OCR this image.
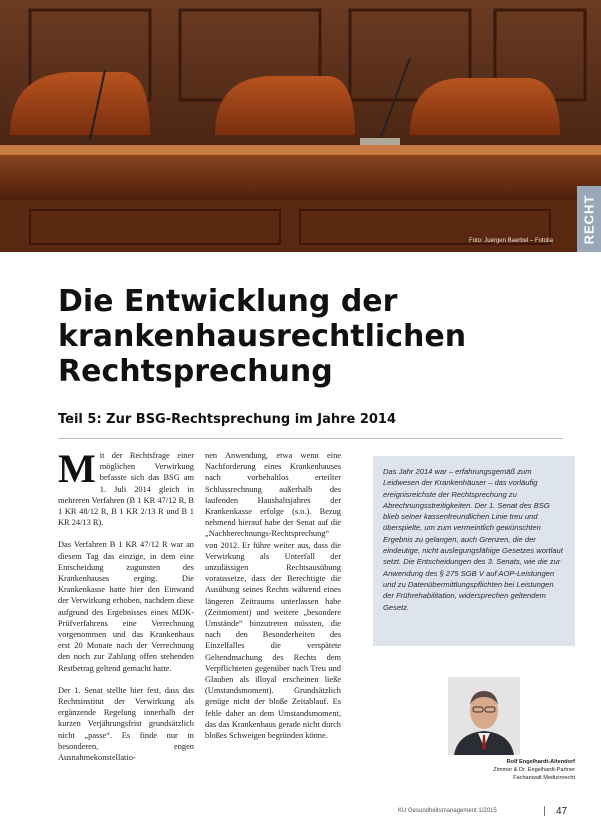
Foto: Juergen Baerbel – Fotolia RECHT
Die Entwicklung der
krankenhausrechtlichen
Rechtsprechung
Teil 5: Zur BSG-Rechtsprechung im Jahre 2014

Mit der Rechtsfrage einer möglichen Verwirkung befasste sich das BSG am 1. Juli 2014 gleich in mehreren Verfahren (B 1 KR 47/12 R, B 1 KR 48/12 R, B 1 KR 2/13 R und B 1 KR 24/13 R).

Das Verfahren B 1 KR 47/12 R war an diesem Tag das einzige, in dem eine Entscheidung zugunsten des Krankenhauses erging. Die Krankenkasse hatte hier den Einwand der Verwirkung erhoben, nachdem diese aufgrund des Ergebnisses eines MDK-Prüfverfahrens eine Verrechnung vorgenommen und das Krankenhaus erst 20 Monate nach der Verrechnung den noch zur Zahlung offen stehenden Restbetrag geltend gemacht hatte.

Der 1. Senat stellte hier fest, dass das Rechtsinstitut der Verwirkung als ergänzende Regelung innerhalb der kurzen Verjährungsfrist grundsätzlich nicht „passe“. Es finde nur in besonderen, engen Ausnahmekonstellatio-

nen Anwendung, etwa wenn eine Nachforderung eines Krankenhauses nach vorbehaltlos erteilter Schlussrechnung außerhalb des laufenden Haushaltsjahres der Krankenkasse erfolge (s.o.). Bezug nehmend hierauf habe der Senat auf die „Nachberechnungs-Rechtsprechung“ von 2012. Er führe weiter aus, dass die Verwirkung als Unterfall der unzulässigen Rechtsausübung voraussetze, dass der Berechtigte die Ausübung seines Rechts während eines längeren Zeitraums unterlassen habe (Zeitmoment) und weitere „besondere Umstände“ hinzutreten müssten, die nach den Besonderheiten des Einzelfalles die verspätete Geltendmachung des Rechts dem Verpflichteten gegenüber nach Treu und Glauben als illoyal erscheinen ließe (Umstandsmoment). Grundsätzlich genüge nicht der bloße Zeitablauf. Es fehle daher an dem Umstandsmoment, das das Krankenhaus gerade nicht durch bloßes Schweigen begründen könne.

Das Jahr 2014 war – erfahrungsgemäß zum Leidwesen der Krankenhäuser – das vorläufig ereignisreichste der Rechtsprechung zu Abrechnungsstreitigkeiten. Der 1. Senat des BSG blieb seiner kassenfreundlichen Linie treu und überspielte, um zum vermeintlich gewünschten Ergebnis zu gelangen, auch Grenzen, die der eindeutige, nicht auslegungsfähige Gesetzes wortlaut setzt. Die Entscheidungen des 3. Senats, wie die zur Anwendung des § 275 SGB V auf AOP-Leistungen und zu Datenübermittlungspflichten bei Leistungen der Frührehabilitation, widersprechen geltendem Gesetz.

Rolf Engelhardt-Altendorf
Zimmer & Dr. Engelhardt-Partner
Fachanwalt Medizinrecht
KU Gesundheitsmanagement 1/2015	47
